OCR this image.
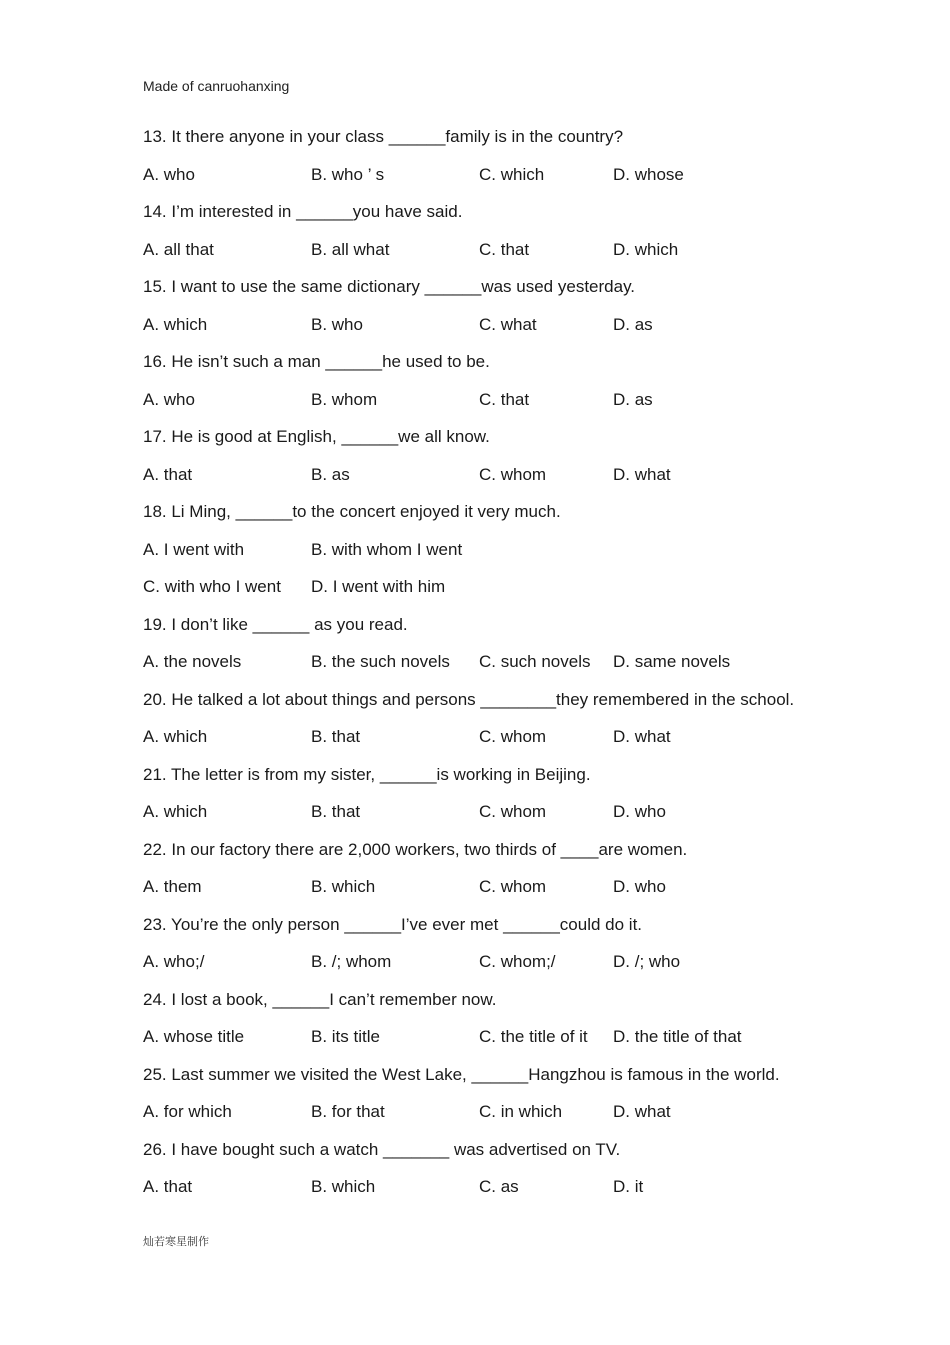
Made of canruohanxing
13. It there anyone in your class ______family is in the country?
A. who	B. who ’ s	C. which	D. whose
14. I’m interested in ______you have said.
A. all that	B. all what	C. that	D. which
15. I want to use the same dictionary ______was used yesterday.
A. which	B. who	C. what	D. as
16. He isn’t such a man ______he used to be.
A. who	B. whom	C. that	D. as
17. He is good at English, ______we all know.
A. that	B. as	C. whom	D. what
18. Li Ming, ______to the concert enjoyed it very much.
A. I went with	B. with whom I went
C. with who I went D. I went with him
19. I don’t like ______ as you read.
A. the novels	B. the such novels C. such novels D. same novels
20. He talked a lot about things and persons ________they remembered in the school.
A. which	B. that	C. whom	D. what
21. The letter is from my sister, ______is working in Beijing.
A. which	B. that	C. whom	D. who
22. In our factory there are 2,000 workers, two thirds of ____are women.
A. them	B. which	C. whom	D. who
23. You’re the only person ______I’ve ever met ______could do it.
A. who;/	B. /; whom	C. whom;/	D. /; who
24. I lost a book, ______I can’t remember now.
A. whose title	B. its title	C. the title of it D. the title of that
25. Last summer we visited the West Lake, ______Hangzhou is famous in the world.
A. for which	B. for that	C. in which	D. what
26. I have bought such a watch _______ was advertised on TV.
A. that	B. which	C. as	D. it
灿若寒星制作
